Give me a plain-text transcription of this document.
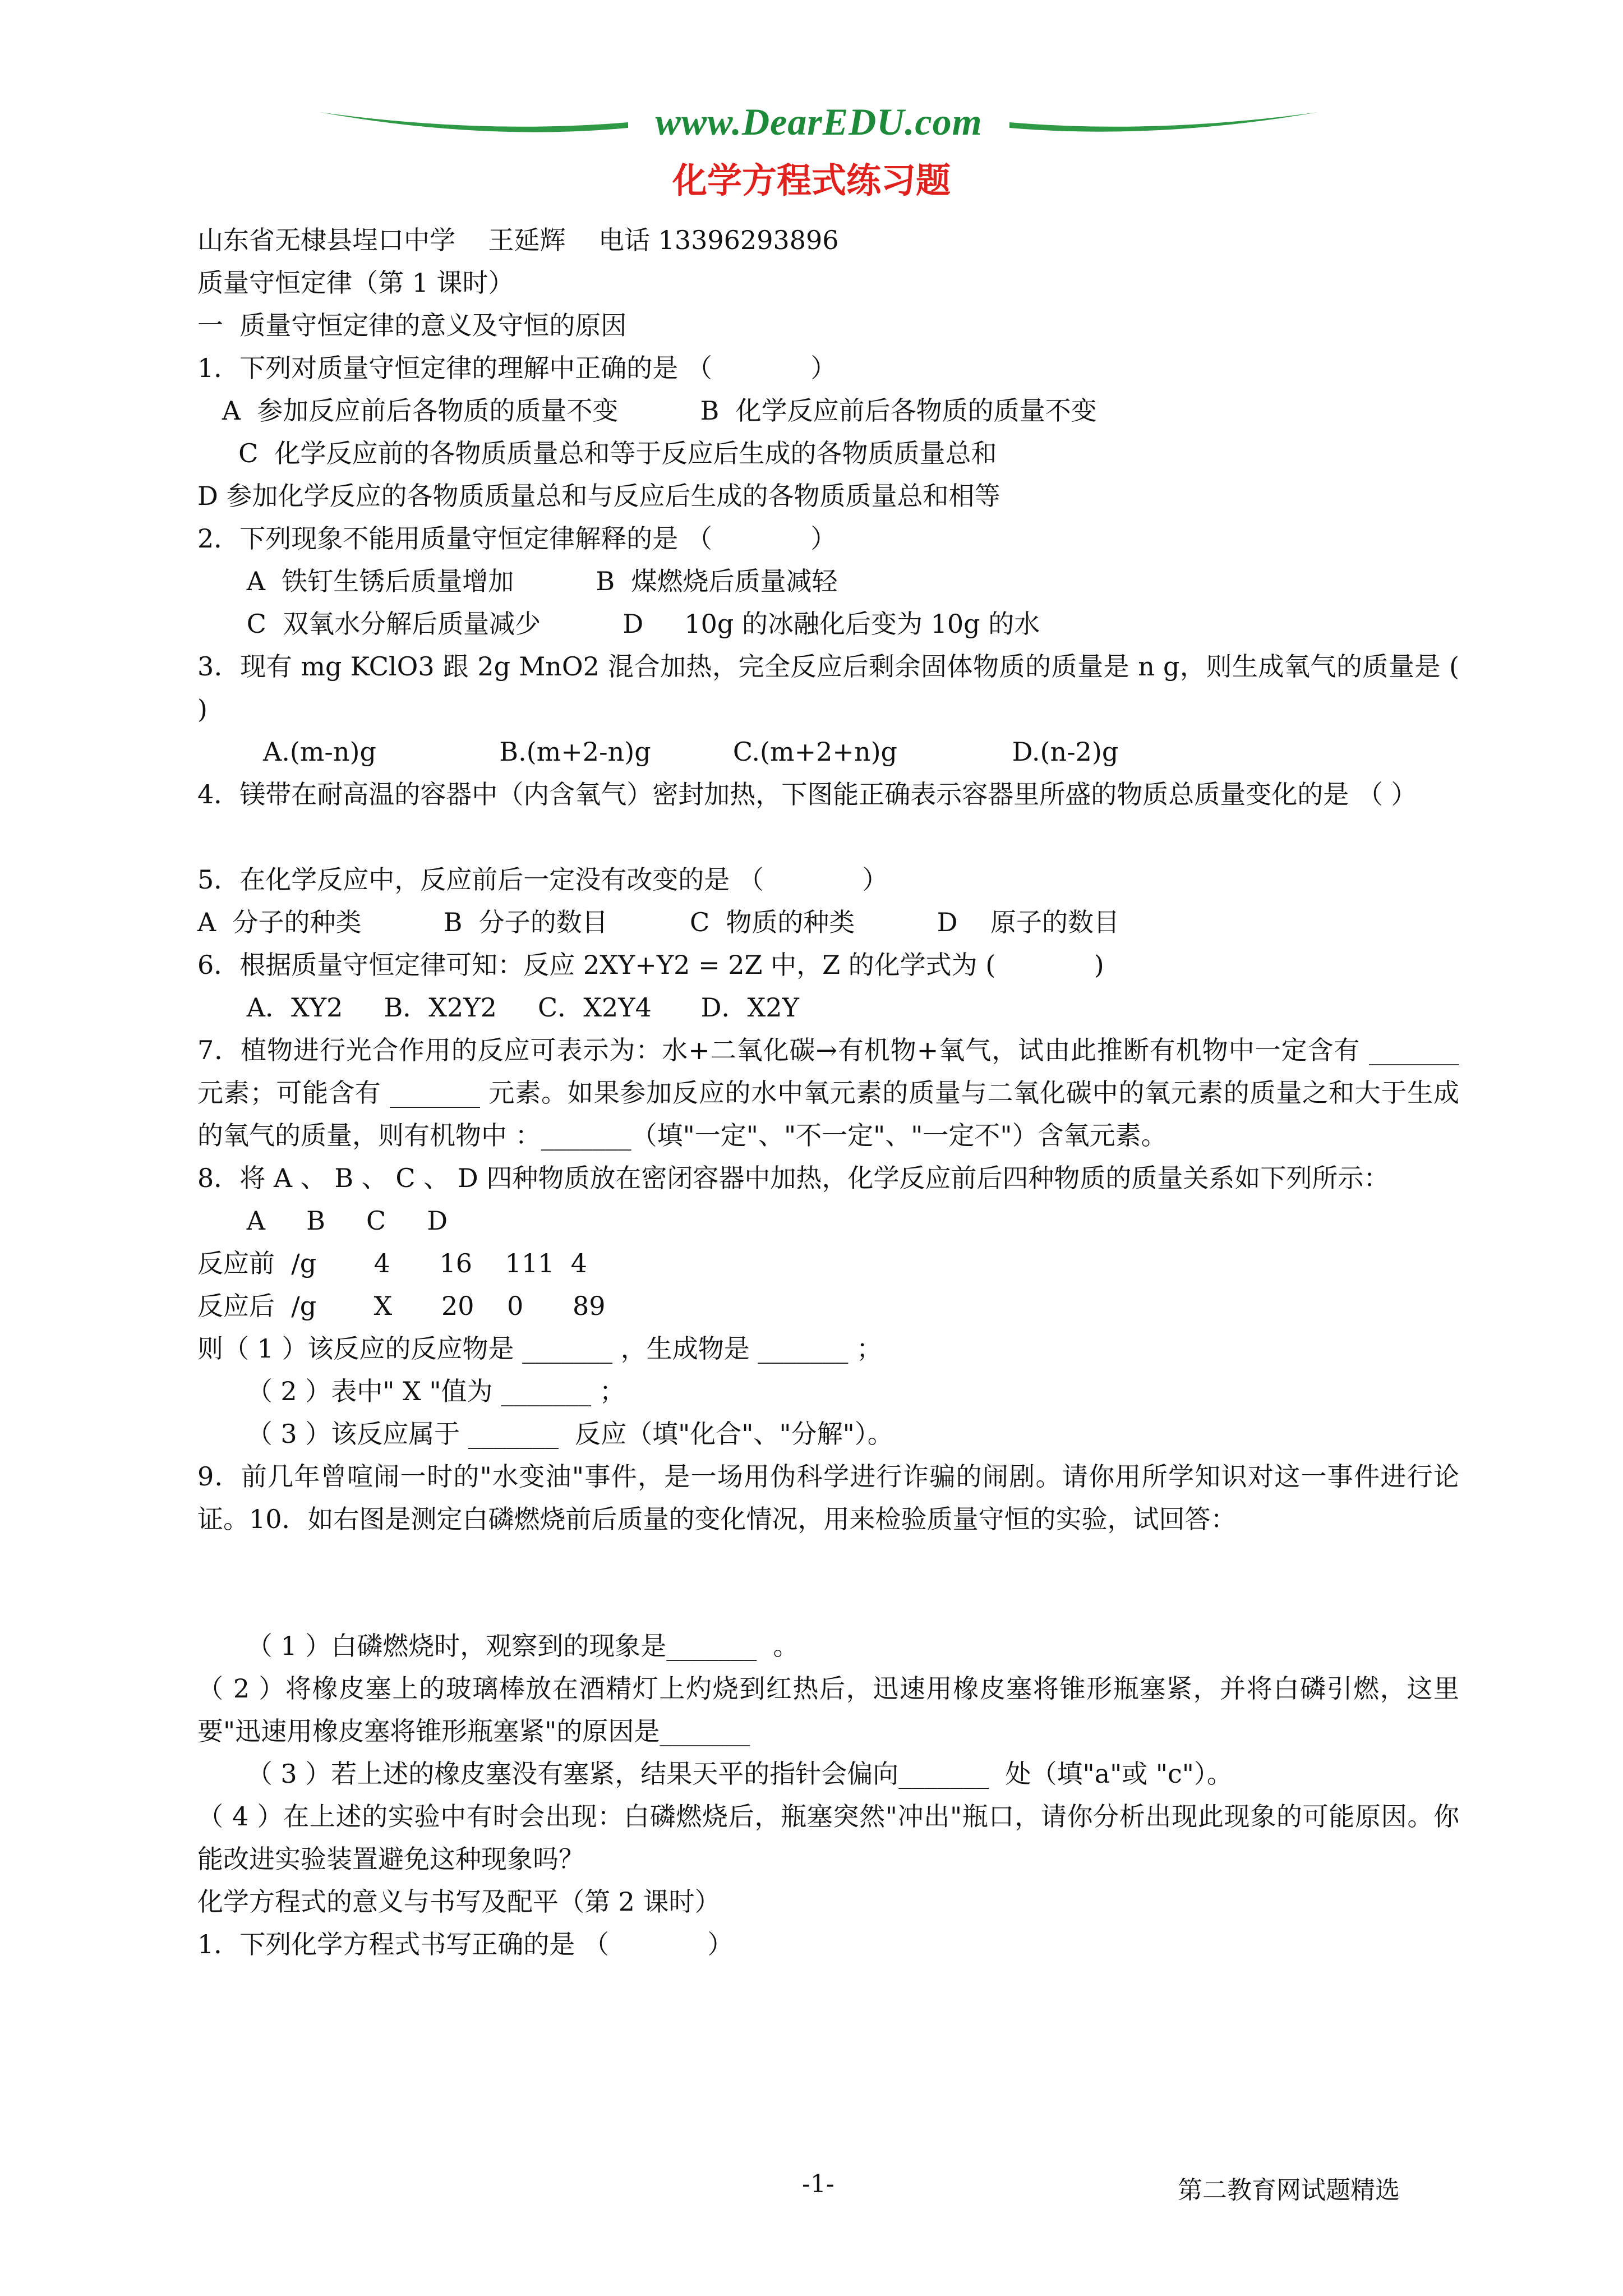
www.DearEDU.com
化学方程式练习题

山东省无棣县埕口中学    王延辉    电话 13396293896

质量守恒定律（第 1 课时）

一  质量守恒定律的意义及守恒的原因

1．下列对质量守恒定律的理解中正确的是 （            ）

A  参加反应前后各物质的质量不变          B  化学反应前后各物质的质量不变

C  化学反应前的各物质质量总和等于反应后生成的各物质质量总和

D 参加化学反应的各物质质量总和与反应后生成的各物质质量总和相等

2．下列现象不能用质量守恒定律解释的是 （            ）

A  铁钉生锈后质量增加          B  煤燃烧后质量减轻

C  双氧水分解后质量减少          D     10g 的冰融化后变为 10g 的水

3．现有 mg KClO3 跟 2g MnO2 混合加热，完全反应后剩余固体物质的质量是 n g，则生成氧气的质量是 ( )

A.(m-n)g               B.(m+2-n)g          C.(m+2+n)g              D.(n-2)g

4．镁带在耐高温的容器中（内含氧气）密封加热，下图能正确表示容器里所盛的物质总质量变化的是 （ ）

5．在化学反应中，反应前后一定没有改变的是 （            ）

A  分子的种类          B  分子的数目          C  物质的种类          D    原子的数目

6．根据质量守恒定律可知：反应 2XY+Y2 = 2Z 中，Z 的化学式为 (            )

A．XY2     B．X2Y2     C．X2Y4      D．X2Y

7．植物进行光合作用的反应可表示为：水+二氧化碳→有机物+氧气，试由此推断有机物中一定含有 _______ 元素；可能含有 _______ 元素。如果参加反应的水中氧元素的质量与二氧化碳中的氧元素的质量之和大于生成的氧气的质量，则有机物中 ：_______（填"一定"、"不一定"、"一定不"）含氧元素。

8．将 A 、 B 、 C 、 D 四种物质放在密闭容器中加热，化学反应前后四种物质的质量关系如下列所示：

A     B     C     D

反应前  /g       4      16    111  4

反应后  /g       X      20    0      89

则（ 1 ）该反应的反应物是 _______ ，生成物是 _______ ；

（ 2 ）表中" X "值为 _______ ；

（ 3 ）该反应属于 _______  反应（填"化合"、"分解"）。

9．前几年曾喧闹一时的"水变油"事件，是一场用伪科学进行诈骗的闹剧。请你用所学知识对这一事件进行论证。10．如右图是测定白磷燃烧前后质量的变化情况，用来检验质量守恒的实验，试回答：

（ 1 ）白磷燃烧时，观察到的现象是_______  。

（ 2 ）将橡皮塞上的玻璃棒放在酒精灯上灼烧到红热后，迅速用橡皮塞将锥形瓶塞紧，并将白磷引燃，这里要"迅速用橡皮塞将锥形瓶塞紧"的原因是_______

（ 3 ）若上述的橡皮塞没有塞紧，结果天平的指针会偏向_______  处（填"a"或 "c"）。

（ 4 ）在上述的实验中有时会出现：白磷燃烧后，瓶塞突然"冲出"瓶口，请你分析出现此现象的可能原因。你能改进实验装置避免这种现象吗？

化学方程式的意义与书写及配平（第 2 课时）

1．下列化学方程式书写正确的是 （            ）

-1-	第二教育网试题精选
